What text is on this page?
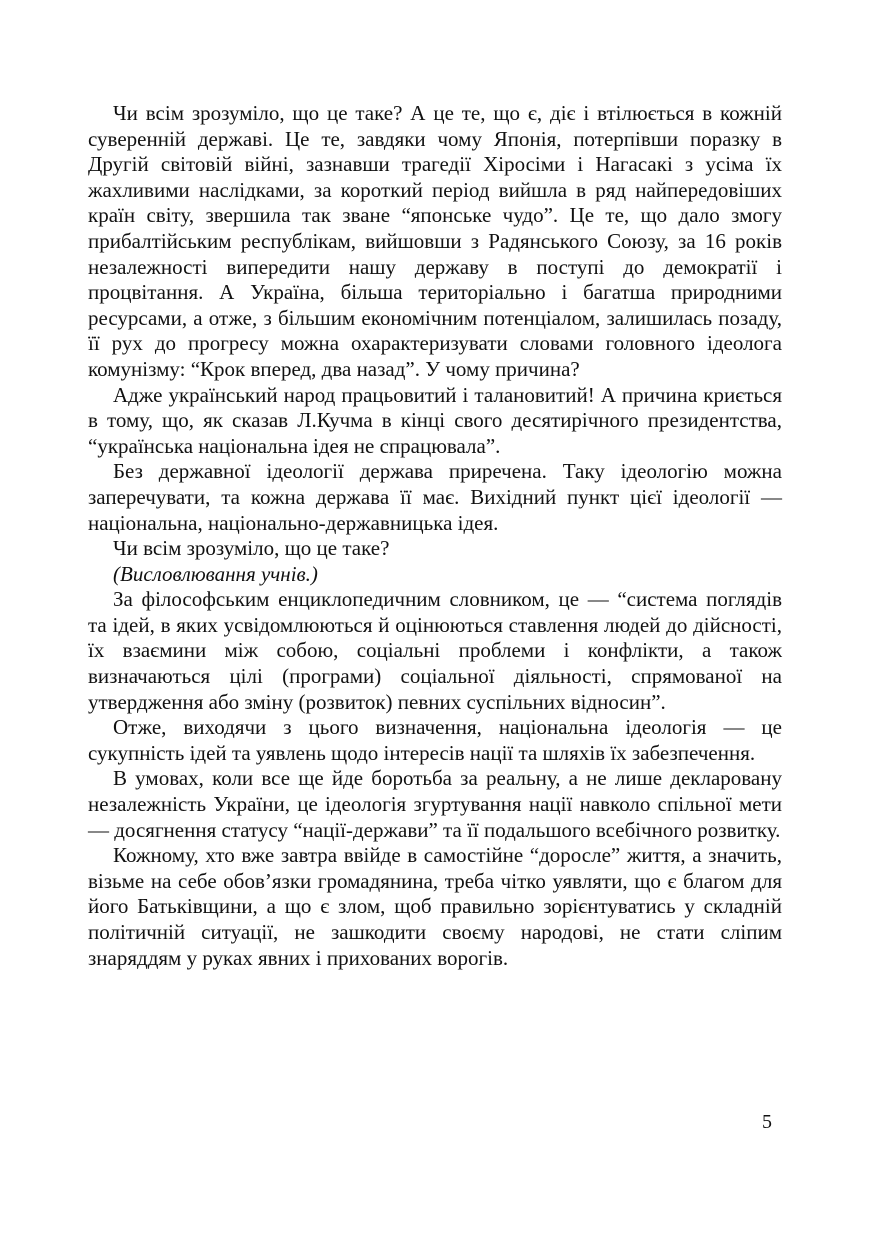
Чи всім зрозуміло, що це таке? А це те, що є, діє і втілюється в кожній суверенній державі. Це те, завдяки чому Японія, потерпівши поразку в Другій світовій війні, зазнавши трагедії Хіросіми і Нагасакі з усіма їх жахливими наслідками, за короткий період вийшла в ряд найпередовіших країн світу, звершила так зване “японське чудо”. Це те, що дало змогу прибалтійським республікам, вийшовши з Радянського Союзу, за 16 років незалежності випередити нашу державу в поступі до демократії і процвітання. А Україна, більша територіально і багатша природними ресурсами, а отже, з більшим економічним потенціалом, залишилась позаду, її рух до прогресу можна охарактеризувати словами головного ідеолога комунізму: “Крок вперед, два назад”. У чому причина?

Адже український народ працьовитий і талановитий! А причина криється в тому, що, як сказав Л.Кучма в кінці свого десятирічного президентства, “українська національна ідея не спрацювала”.

Без державної ідеології держава приречена. Таку ідеологію можна заперечувати, та кожна держава її має. Вихідний пункт цієї ідеології — національна, національно-державницька ідея.

Чи всім зрозуміло, що це таке?

(Висловлювання учнів.)

За філософським енциклопедичним словником, це — “система поглядів та ідей, в яких усвідомлюються й оцінюються ставлення людей до дійсності, їх взаємини між собою, соціальні проблеми і конфлікти, а також визначаються цілі (програми) соціальної діяльності, спрямованої на утвердження або зміну (розвиток) певних суспільних відносин”.

Отже, виходячи з цього визначення, національна ідеологія — це сукупність ідей та уявлень щодо інтересів нації та шляхів їх забезпечення.

В умовах, коли все ще йде боротьба за реальну, а не лише декларовану незалежність України, це ідеологія згуртування нації навколо спільної мети — досягнення статусу “нації-держави” та її подальшого всебічного розвитку.

Кожному, хто вже завтра ввійде в самостійне “доросле” життя, а значить, візьме на себе обов’язки громадянина, треба чітко уявляти, що є благом для його Батьківщини, а що є злом, щоб правильно зорієнтуватись у складній політичній ситуації, не зашкодити своєму народові, не стати сліпим знаряддям у руках явних і прихованих ворогів.

5
